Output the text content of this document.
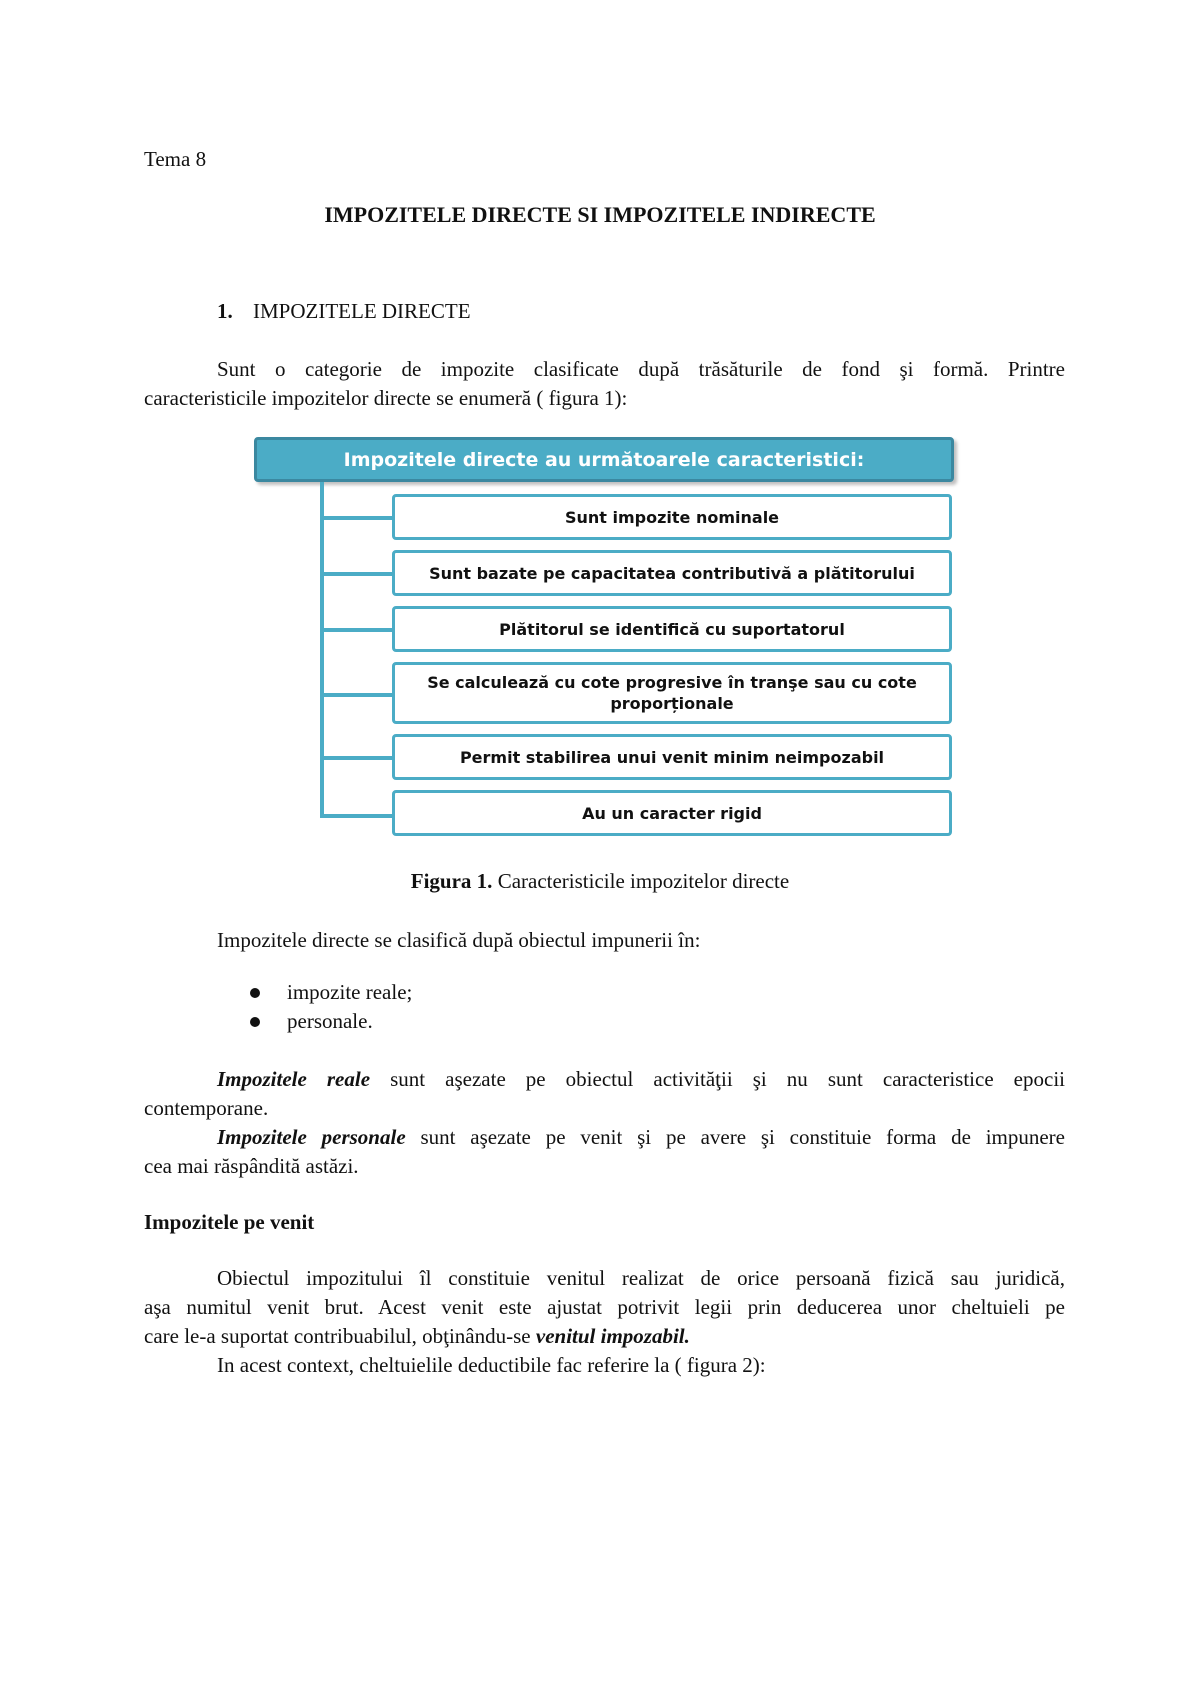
Tema 8
IMPOZITELE DIRECTE SI IMPOZITELE INDIRECTE
1. IMPOZITELE DIRECTE
Sunt o categorie de impozite clasificate după trăsăturile de fond şi formă. Printre
caracteristicile impozitelor directe se enumeră ( figura 1):
Impozitele directe au următoarele caracteristici:
Sunt impozite nominale
Sunt bazate pe capacitatea contributivă a plătitorului
Plătitorul se identifică cu suportatorul
Se calculează cu cote progresive în tranşe sau cu cote proporționale
Permit stabilirea unui venit minim neimpozabil
Au un caracter rigid
Figura 1. Caracteristicile impozitelor directe
Impozitele directe se clasifică după obiectul impunerii în:
impozite reale;
personale.
Impozitele reale sunt aşezate pe obiectul activităţii şi nu sunt caracteristice epocii
contemporane.
Impozitele personale sunt aşezate pe venit şi pe avere şi constituie forma de impunere
cea mai răspândită astăzi.
Impozitele pe venit
Obiectul impozitului îl constituie venitul realizat de orice persoană fizică sau juridică,
aşa numitul venit brut. Acest venit este ajustat potrivit legii prin deducerea unor cheltuieli pe
care le-a suportat contribuabilul, obţinându-se venitul impozabil.
In acest context, cheltuielile deductibile fac referire la ( figura 2):
